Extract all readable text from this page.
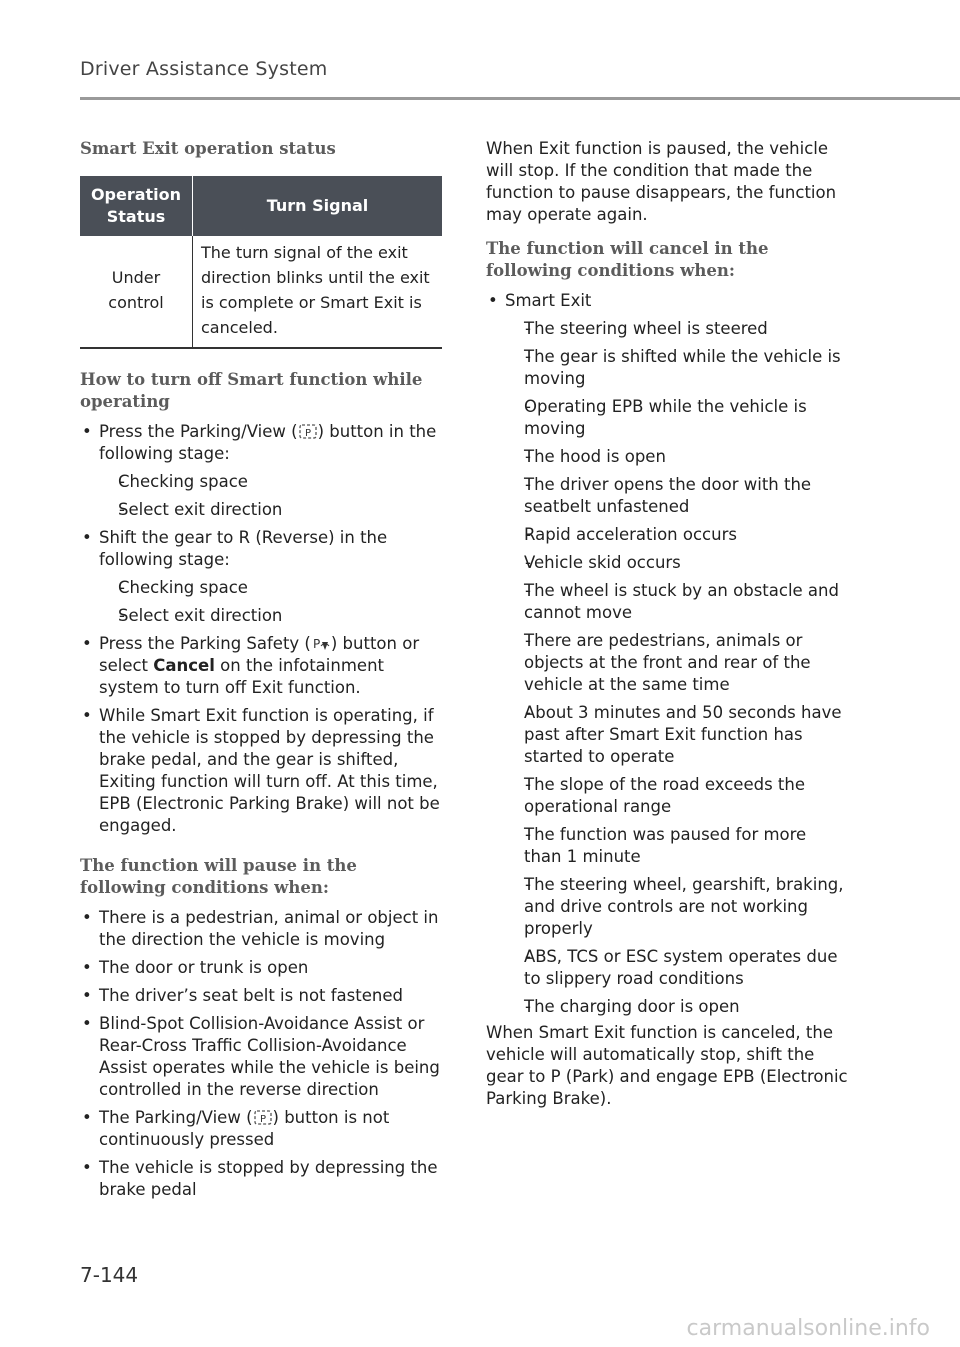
Driver Assistance System
Smart Exit operation status
Operation Status	Turn Signal
Under control	The turn signal of the exit direction blinks until the exit is complete or Smart Exit is canceled.
How to turn off Smart function while operating
• Press the Parking/View ( P ) button in the following stage:
- Checking space
- Select exit direction
• Shift the gear to R (Reverse) in the following stage:
- Checking space
- Select exit direction
• Press the Parking Safety ( P ) button or select Cancel on the infotainment system to turn off Exit function.
• While Smart Exit function is operating, if the vehicle is stopped by depressing the brake pedal, and the gear is shifted, Exiting function will turn off. At this time, EPB (Electronic Parking Brake) will not be engaged.
The function will pause in the following conditions when:
• There is a pedestrian, animal or object in the direction the vehicle is moving
• The door or trunk is open
• The driver’s seat belt is not fastened
• Blind-Spot Collision-Avoidance Assist or Rear-Cross Traffic Collision-Avoidance Assist operates while the vehicle is being controlled in the reverse direction
• The Parking/View ( P ) button is not continuously pressed
• The vehicle is stopped by depressing the brake pedal

When Exit function is paused, the vehicle will stop. If the condition that made the function to pause disappears, the function may operate again.

The function will cancel in the following conditions when:
• Smart Exit
- The steering wheel is steered
- The gear is shifted while the vehicle is moving
- Operating EPB while the vehicle is moving
- The hood is open
- The driver opens the door with the seatbelt unfastened
- Rapid acceleration occurs
- Vehicle skid occurs
- The wheel is stuck by an obstacle and cannot move
- There are pedestrians, animals or objects at the front and rear of the vehicle at the same time
- About 3 minutes and 50 seconds have past after Smart Exit function has started to operate
- The slope of the road exceeds the operational range
- The function was paused for more than 1 minute
- The steering wheel, gearshift, braking, and drive controls are not working properly
- ABS, TCS or ESC system operates due to slippery road conditions
- The charging door is open

When Smart Exit function is canceled, the vehicle will automatically stop, shift the gear to P (Park) and engage EPB (Electronic Parking Brake).

7-144
carmanualsonline.info
